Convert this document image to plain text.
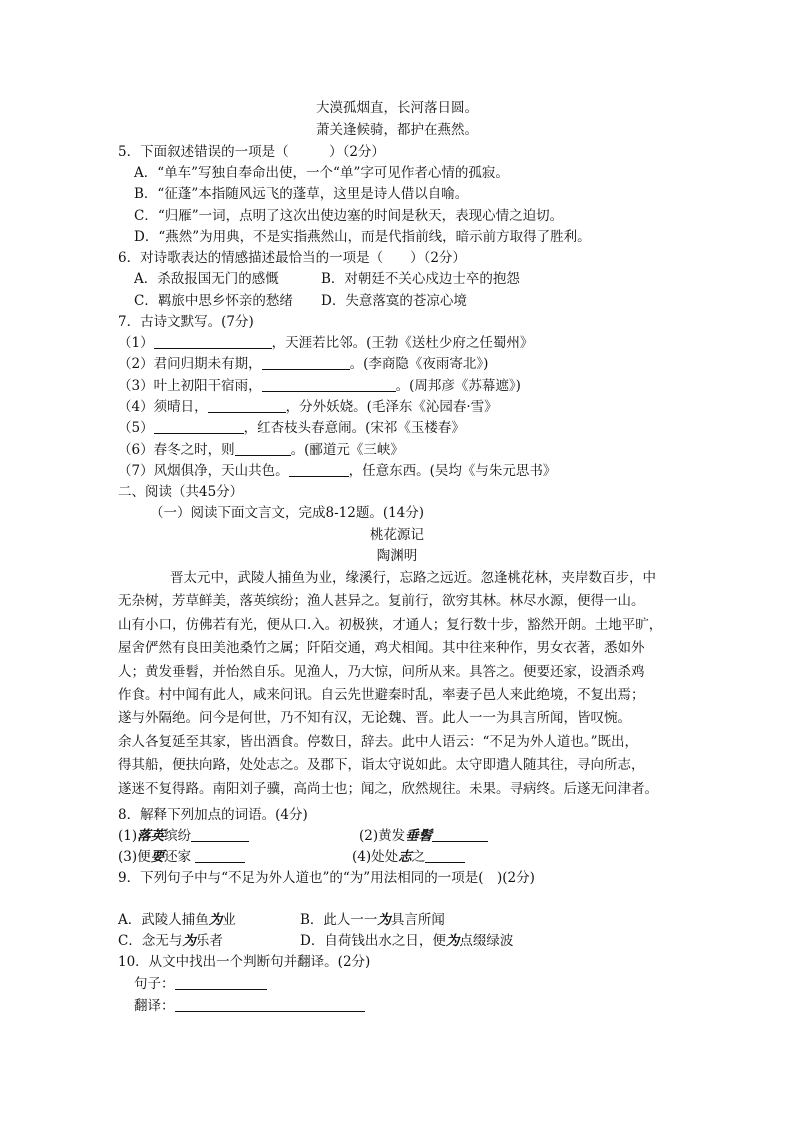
大漠孤烟直，长河落日圆。
萧关逢候骑，都护在燕然。
5．下面叙述错误的一项是（　　　）（2分）
A．“单车”写独自奉命出使，一个“单”字可见作者心情的孤寂。
B．“征蓬”本指随风远飞的蓬草，这里是诗人借以自喻。
C．“归雁”一词，点明了这次出使边塞的时间是秋天，表现心情之迫切。
D．“燕然”为用典，不是实指燕然山，而是代指前线，暗示前方取得了胜利。
6．对诗歌表达的情感描述最恰当的一项是（　　）（2分）
A．杀敌报国无门的感慨	B．对朝廷不关心戍边士卒的抱怨
C．羁旅中思乡怀亲的愁绪 D．失意落寞的苍凉心境
7．古诗文默写。(7分)
（1）	，天涯若比邻。(王勃《送杜少府之任蜀州》
（2）君问归期未有期，	。(李商隐《夜雨寄北》)
（3）叶上初阳干宿雨，	。(周邦彦《苏幕遮》)
（4）须晴日，	，分外妖娆。(毛泽东《沁园春·雪》
（5）	，红杏枝头春意闹。(宋祁《玉楼春》
（6）春冬之时，则	。(郦道元《三峡》
（7）风烟俱净，天山共色。	，任意东西。(吴均《与朱元思书》
二、阅读（共45分）
（一）阅读下面文言文，完成8-12题。(14分)
桃花源记
陶渊明
晋太元中，武陵人捕鱼为业，缘溪行，忘路之远近。忽逢桃花林，夹岸数百步，中
无杂树，芳草鲜美，落英缤纷；渔人甚异之。复前行，欲穷其林。林尽水源，便得一山。
山有小口，仿佛若有光，便从口.入。初极狭，才通人；复行数十步，豁然开朗。土地平旷，
屋舍俨然有良田美池桑竹之属；阡陌交通，鸡犬相闻。其中往来种作，男女衣著，悉如外
人；黄发垂髫，并怡然自乐。见渔人，乃大惊，问所从来。具答之。便要还家，设酒杀鸡
作食。村中闻有此人，咸来问讯。自云先世避秦时乱，率妻子邑人来此绝境，不复出焉；
遂与外隔绝。问今是何世，乃不知有汉，无论魏、晋。此人一一为具言所闻，皆叹惋。
余人各复延至其家，皆出酒食。停数日，辞去。此中人语云：“不足为外人道也。”既出，
得其船，便扶向路，处处志之。及郡下，诣太守说如此。太守即遣人随其往，寻向所志，
遂迷不复得路。南阳刘子骥，高尚士也；闻之，欣然规往。未果。寻病终。后遂无问津者。
8．解释下列加点的词语。(4分)
(1)落英缤纷	(2)黄发垂髫
(3)便要还家	(4)处处志之
9．下列句子中与“不足为外人道也”的“为”用法相同的一项是(　)(2分)
A．武陵人捕鱼为业	B．此人一一为具言所闻
C．念无与为乐者	D．自荷钱出水之日，便为点缀绿波
10．从文中找出一个判断句并翻译。(2分)
句子：
翻译：
